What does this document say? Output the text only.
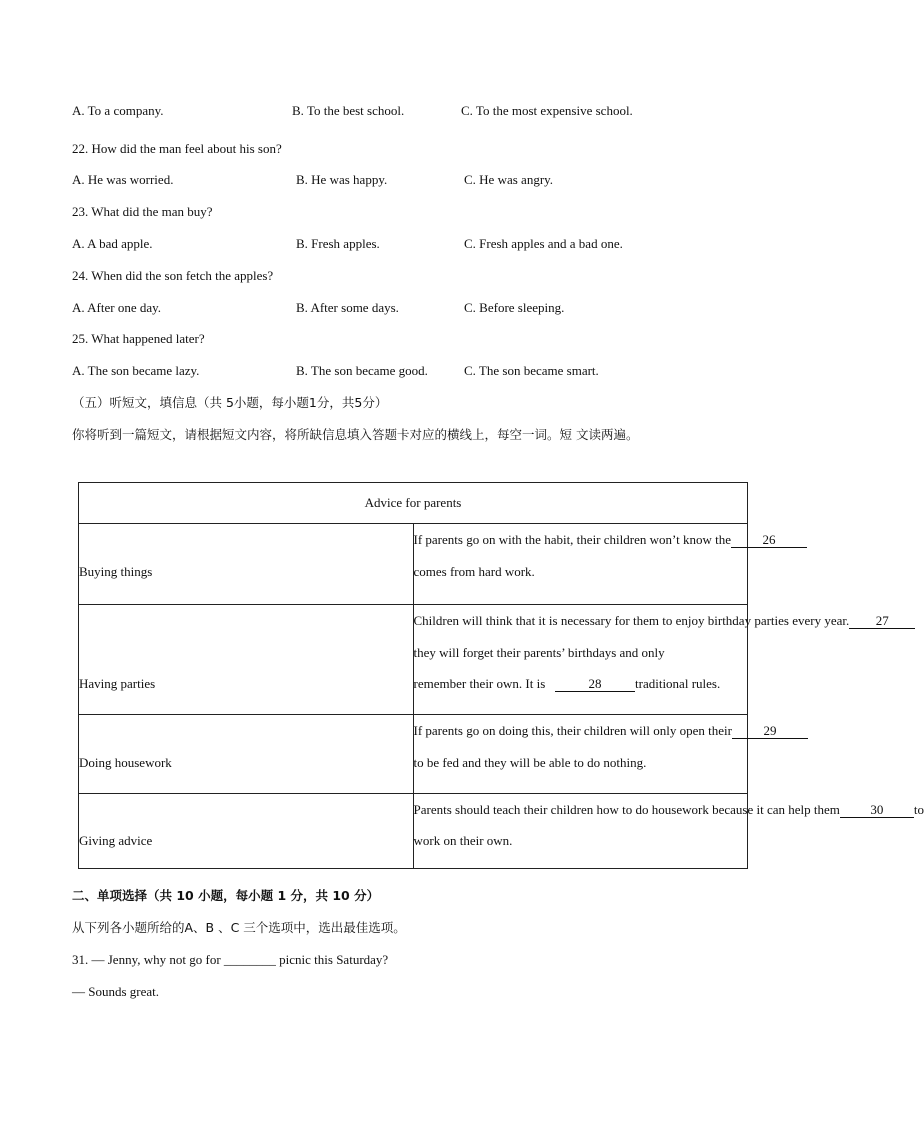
A. To a company.	B. To the best school.	C. To the most expensive school.
22. How did the man feel about his son?
A. He was worried.	B. He was happy.	C. He was angry.
23. What did the man buy?
A. A bad apple.	B. Fresh apples.	C. Fresh apples and a bad one.
24. When did the son fetch the apples?
A. After one day.	B. After some days.	C. Before sleeping.
25. What happened later?
A. The son became lazy.	B. The son became good.	C. The son became smart.
（五）听短文，填信息（共 5小题，每小题1分，共5分）
你将听到一篇短文，请根据短文内容，将所缺信息填入答题卡对应的横线上，每空一词。短 文读两遍。
Advice for parents	

Buying things	If parents go on with the habit, their children won’t know the 26
comes from hard work.

Having parties	Children will think that it is necessary for them to enjoy birthday parties every year. 27
they will forget their parents’ birthdays and only
remember their own. It is 28 traditional rules.

Doing housework	If parents go on doing this, their children will only open their 29
to be fed and they will be able to do nothing.

Giving advice	Parents should teach their children how to do housework because it can help them 30 to
work on their own.
二、单项选择（共 10 小题，每小题 1 分，共 10 分）
从下列各小题所给的A、B 、C 三个选项中，选出最佳选项。
31. — Jenny, why not go for ________ picnic this Saturday?
— Sounds great.
